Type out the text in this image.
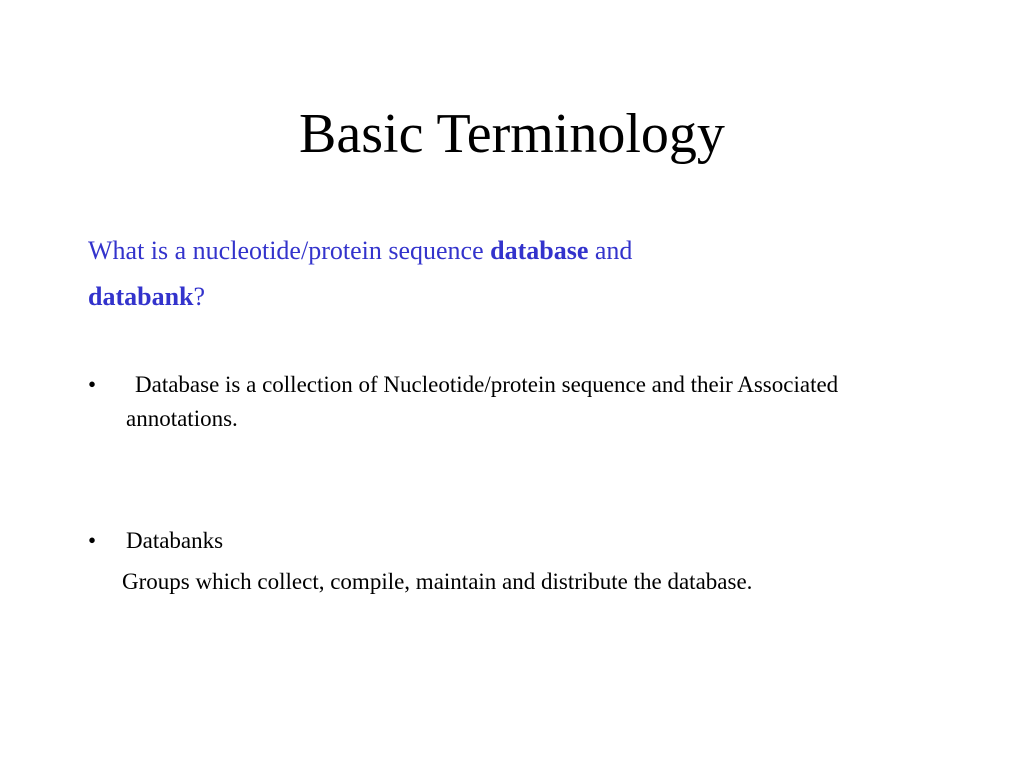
Basic Terminology

What is a nucleotide/protein sequence database and
databank?

•	Database is a collection of Nucleotide/protein sequence and their Associated annotations.
•	Databanks

Groups which collect, compile, maintain and distribute the database.
